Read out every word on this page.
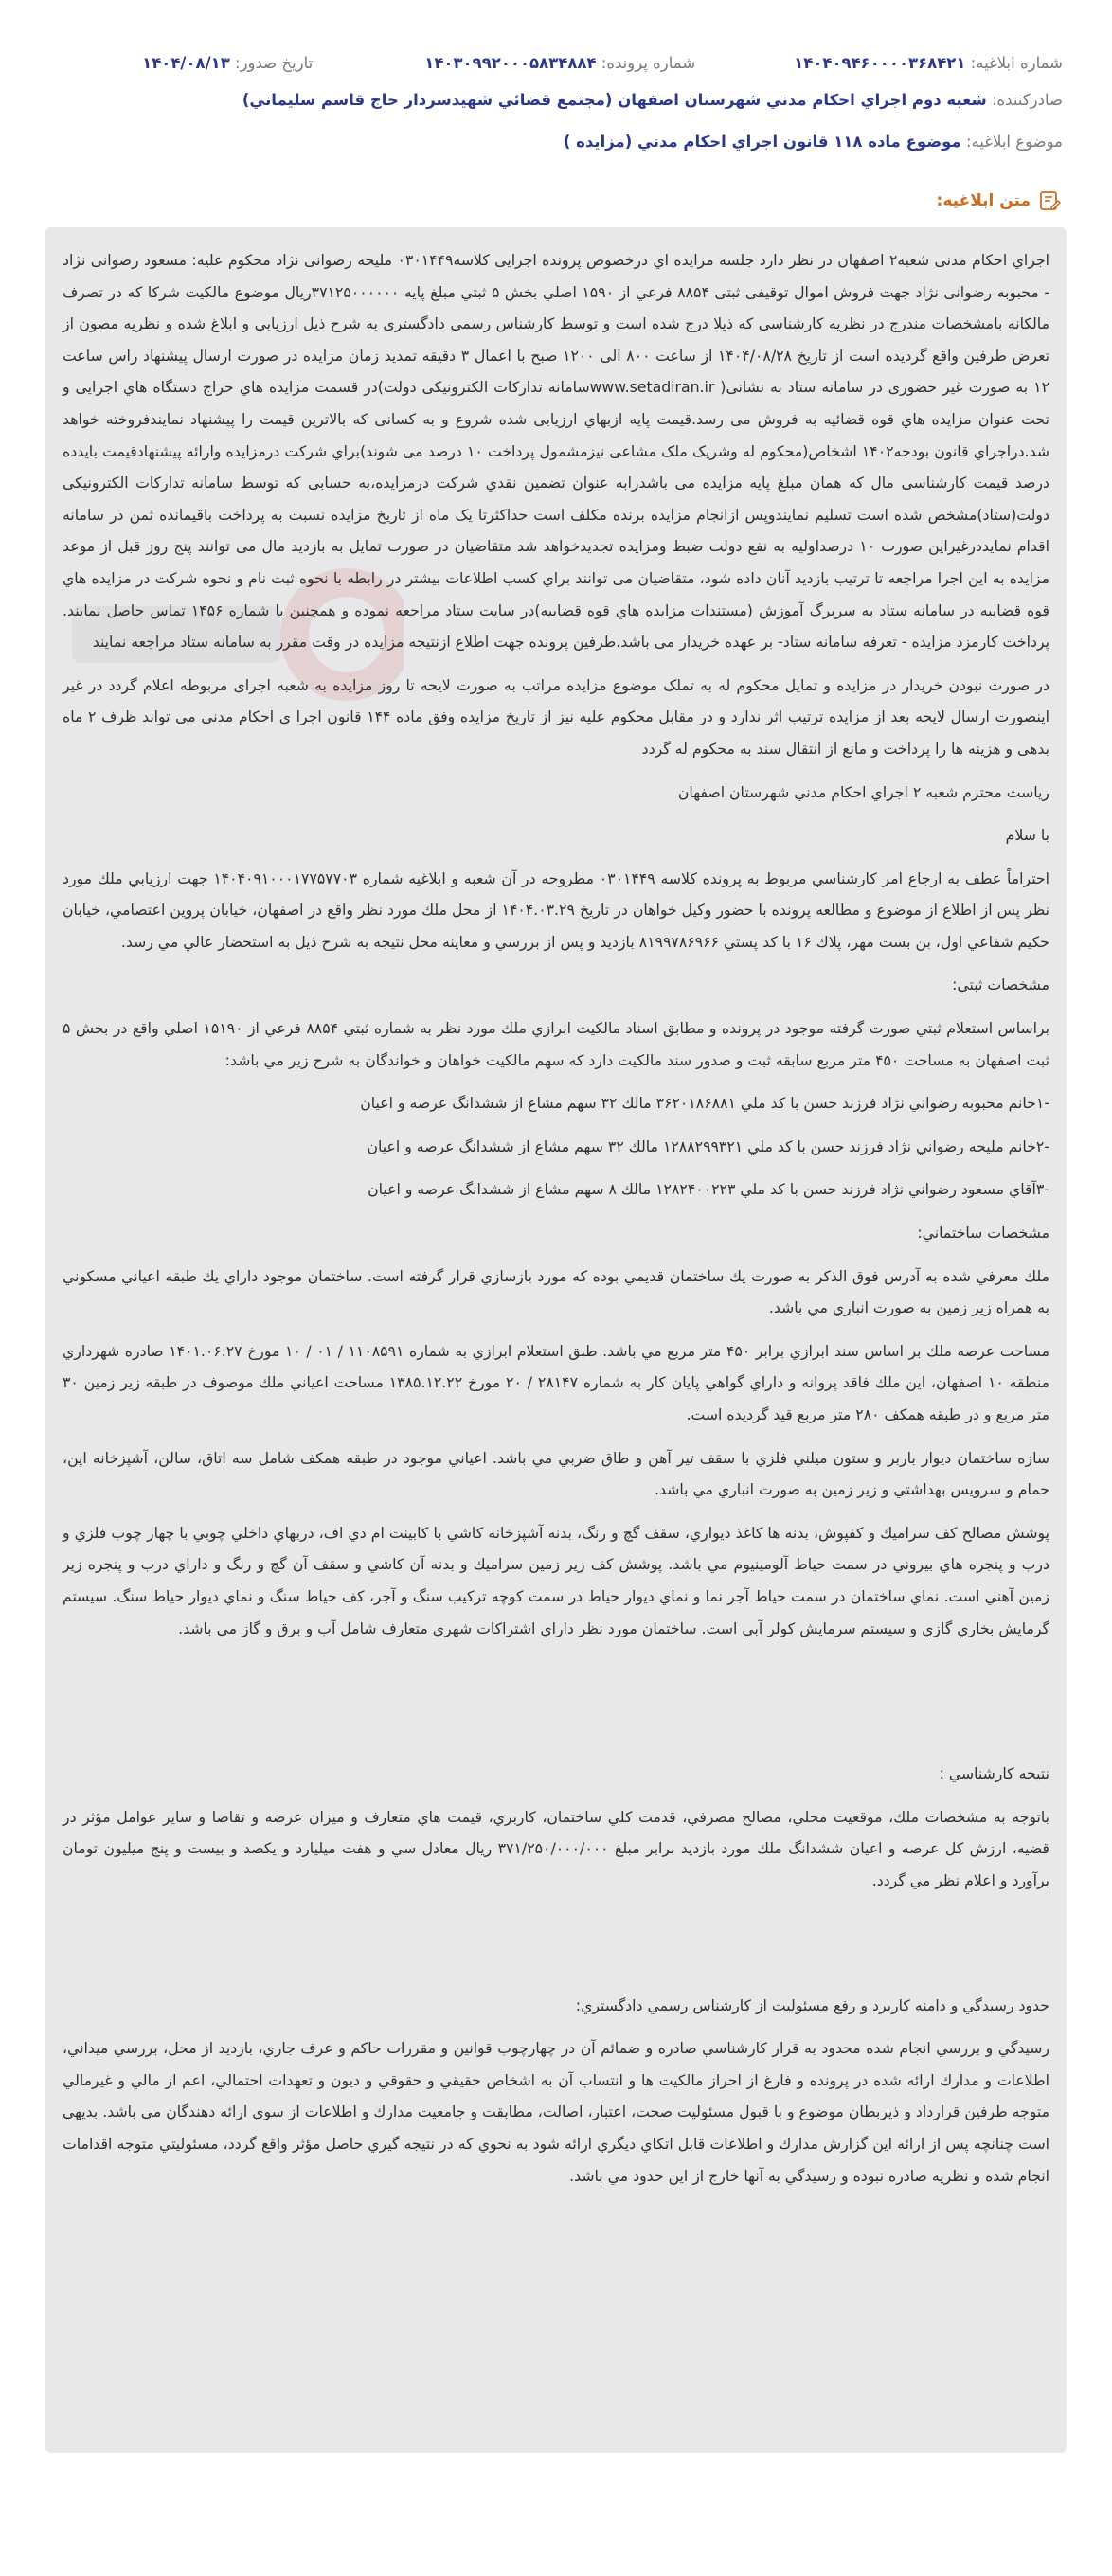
شماره ابلاغیه: ۱۴۰۴۰۹۴۶۰۰۰۰۳۶۸۴۲۱
شماره پرونده: ۱۴۰۳۰۹۹۲۰۰۰۵۸۳۴۸۸۴
تاریخ صدور: ۱۴۰۴/۰۸/۱۳
صادرکننده: شعبه دوم اجراي احکام مدني شهرستان اصفهان (مجتمع قضائي شهيدسردار حاج قاسم سليماني)
موضوع ابلاغیه: موضوع ماده ۱۱۸ قانون اجراي احکام مدني (مزايده )
متن ابلاغیه:

اجراي احکام مدنی شعبه۲ اصفهان در نظر دارد جلسه مزایده اي درخصوص پرونده اجرایی کلاسه۰۳۰۱۴۴۹ ملیحه رضوانی نژاد محکوم علیه: مسعود رضوانی نژاد - محبوبه رضوانی نژاد جهت فروش اموال توقیفی ثبتی ۸۸۵۴ فرعي از ۱۵۹۰ اصلي بخش ۵ ثبتي مبلغ پایه ۳۷۱۲۵۰۰۰۰۰۰ريال موضوع مالکیت شرکا که در تصرف مالکانه بامشخصات مندرج در نظریه کارشناسی که ذیلا درج شده است و توسط کارشناس رسمی دادگستری به شرح ذیل ارزیابی و ابلاغ شده و نظریه مصون از تعرض طرفین واقع گردیده است از تاریخ ۱۴۰۴/۰۸/۲۸ از ساعت ۸۰۰ الی ۱۲۰۰ صبح با اعمال ۳ دقیقه تمدید زمان مزایده در صورت ارسال پیشنهاد راس ساعت ۱۲ به صورت غیر حضوری در سامانه ستاد به نشانی( www.setadiran.irسامانه تدارکات الکترونیکی دولت)در قسمت مزایده هاي حراج دستگاه هاي اجرایی و تحت عنوان مزایده هاي قوه قضائیه به فروش می رسد.قیمت پایه ازبهاي ارزیابی شده شروع و به کسانی که بالاترین قیمت را پیشنهاد نمایندفروخته خواهد شد.دراجراي قانون بودجه۱۴۰۲ اشخاص(محکوم له وشریک ملک مشاعی نیزمشمول پرداخت ۱۰ درصد می شوند)براي شرکت درمزایده وارائه پیشنهادقیمت بایدده درصد قیمت کارشناسی مال که همان مبلغ پایه مزایده می باشدرابه عنوان تضمین نقدي شرکت درمزایده،به حسابی که توسط سامانه تدارکات الکترونیکی دولت(ستاد)مشخص شده است تسلیم نمایندوپس ازانجام مزایده برنده مکلف است حداکثرتا یک ماه از تاریخ مزایده نسبت به پرداخت باقیمانده ثمن در سامانه اقدام نمایددرغیراین صورت ۱۰ درصداولیه به نفع دولت ضبط ومزایده تجدیدخواهد شد متقاضیان در صورت تمایل به بازدید مال می توانند پنج روز قبل از موعد مزایده به این اجرا مراجعه تا ترتیب بازدید آنان داده شود، متقاضیان می توانند براي کسب اطلاعات بیشتر در رابطه با نحوه ثبت نام و نحوه شرکت در مزایده هاي قوه قضاییه در سامانه ستاد به سربرگ آموزش (مستندات مزایده هاي قوه قضاییه)در سایت ستاد مراجعه نموده و همچنین با شماره ۱۴۵۶ تماس حاصل نمایند. پرداخت کارمزد مزایده - تعرفه سامانه ستاد- بر عهده خریدار می باشد.طرفین پرونده جهت اطلاع ازنتیجه مزایده در وقت مقرر به سامانه ستاد مراجعه نمایند

در صورت نبودن خریدار در مزایده و تمایل محکوم له به تملک موضوع مزایده مراتب به صورت لایحه تا روز مزایده به شعبه اجرای مربوطه اعلام گردد در غیر اینصورت ارسال لایحه بعد از مزایده ترتیب اثر ندارد و در مقابل محکوم علیه نیز از تاریخ مزایده وفق ماده ۱۴۴ قانون اجرا ی احکام مدنی می تواند ظرف ۲ ماه بدهی و هزینه ها را پرداخت و مانع از انتقال سند به محکوم له گردد

رياست محترم شعبه ۲ اجراي احكام مدني شهرستان اصفهان

با سلام

احتراماً عطف به ارجاع امر كارشناسي مربوط به پرونده كلاسه ۰۳۰۱۴۴۹ مطروحه در آن شعبه و ابلاغيه شماره ۱۴۰۴۰۹۱۰۰۰۱۷۷۵۷۷۰۳ جهت ارزيابي ملك مورد نظر پس از اطلاع از موضوع و مطالعه پرونده با حضور وكيل خواهان در تاريخ ۱۴۰۴.۰۳.۲۹ از محل ملك مورد نظر واقع در اصفهان، خيابان پروين اعتصامي، خيابان حكيم شفاعي اول، بن بست مهر، پلاك ۱۶ با كد پستي ۸۱۹۹۷۸۶۹۶۶ بازديد و پس از بررسي و معاينه محل نتيجه به شرح ذيل به استحضار عالي مي رسد.

مشخصات ثبتي:

براساس استعلام ثبتي صورت گرفته موجود در پرونده و مطابق اسناد مالكيت ابرازي ملك مورد نظر به شماره ثبتي ۸۸۵۴ فرعي از ۱۵۱۹۰ اصلي واقع در بخش ۵ ثبت اصفهان به مساحت ۴۵۰ متر مربع سابقه ثبت و صدور سند مالكيت دارد كه سهم مالكيت خواهان و خواندگان به شرح زير مي باشد:

-۱خانم محبوبه رضواني نژاد فرزند حسن با كد ملي ۳۶۲۰۱۸۶۸۸۱ مالك ۳۲ سهم مشاع از ششدانگ عرصه و اعيان

-۲خانم مليحه رضواني نژاد فرزند حسن با كد ملي ۱۲۸۸۲۹۹۳۲۱ مالك ۳۲ سهم مشاع از ششدانگ عرصه و اعيان

-۳آقاي مسعود رضواني نژاد فرزند حسن با كد ملي ۱۲۸۲۴۰۰۲۲۳ مالك ۸ سهم مشاع از ششدانگ عرصه و اعيان

مشخصات ساختماني:

ملك معرفي شده به آدرس فوق الذكر به صورت يك ساختمان قديمي بوده كه مورد بازسازي قرار گرفته است. ساختمان موجود داراي يك طبقه اعياني مسكوني به همراه زير زمين به صورت انباري مي باشد.

مساحت عرصه ملك بر اساس سند ابرازي برابر ۴۵۰ متر مربع مي باشد. طبق استعلام ابرازي به شماره ۱۱۰۸۵۹۱ / ۰۱ / ۱۰ مورخ ۱۴۰۱.۰۶.۲۷ صادره شهرداري منطقه ۱۰ اصفهان، اين ملك فاقد پروانه و داراي گواهي پايان كار به شماره ۲۸۱۴۷ / ۲۰ مورخ ۱۳۸۵.۱۲.۲۲ مساحت اعياني ملك موصوف در طبقه زير زمين ۳۰ متر مربع و در طبقه همكف ۲۸۰ متر مربع قيد گرديده است.

سازه ساختمان ديوار باربر و ستون ميلني فلزي با سقف تير آهن و طاق ضربي مي باشد. اعياني موجود در طبقه همكف شامل سه اتاق، سالن، آشپزخانه اپن، حمام و سرويس بهداشتي و زير زمين به صورت انباري مي باشد.

پوشش مصالح كف سراميك و كفپوش، بدنه ها كاغذ ديواري، سقف گچ و رنگ، بدنه آشپزخانه كاشي با كابينت ام دي اف، دربهاي داخلي چوبي با چهار چوب فلزي و درب و پنجره هاي بيروني در سمت حياط آلومينيوم مي باشد. پوشش كف زير زمين سراميك و بدنه آن كاشي و سقف آن گچ و رنگ و داراي درب و پنجره زير زمين آهني است. نماي ساختمان در سمت حياط آجر نما و نماي ديوار حياط در سمت كوچه تركيب سنگ و آجر، كف حياط سنگ و نماي ديوار حياط سنگ. سيستم گرمايش بخاري گازي و سيستم سرمايش كولر آبي است. ساختمان مورد نظر داراي اشتراكات شهري متعارف شامل آب و برق و گاز مي باشد.

نتيجه كارشناسي :

باتوجه به مشخصات ملك، موقعيت محلي، مصالح مصرفي، قدمت كلي ساختمان، كاربري، قيمت هاي متعارف و ميزان عرضه و تقاضا و ساير عوامل مؤثر در قضيه، ارزش كل عرصه و اعيان ششدانگ ملك مورد بازديد برابر مبلغ ۳۷۱/۲۵۰/۰۰۰/۰۰۰ ريال معادل سي و هفت ميليارد و يكصد و بيست و پنج ميليون تومان برآورد و اعلام نظر مي گردد.

حدود رسيدگي و دامنه كاربرد و رفع مسئوليت از كارشناس رسمي دادگستري:

رسيدگي و بررسي انجام شده محدود به قرار كارشناسي صادره و ضمائم آن در چهارچوب قوانين و مقررات حاكم و عرف جاري، بازديد از محل، بررسي ميداني، اطلاعات و مدارك ارائه شده در پرونده و فارغ از احراز مالكيت ها و انتساب آن به اشخاص حقيقي و حقوقي و ديون و تعهدات احتمالي، اعم از مالي و غيرمالي متوجه طرفين قرارداد و ذيربطان موضوع و با قبول مسئوليت صحت، اعتبار، اصالت، مطابقت و جامعيت مدارك و اطلاعات از سوي ارائه دهندگان مي باشد. بديهي است چنانچه پس از ارائه اين گزارش مدارك و اطلاعات قابل اتكاي ديگري ارائه شود به نحوي كه در نتيجه گيري حاصل مؤثر واقع گردد، مسئوليتي متوجه اقدامات انجام شده و نظريه صادره نبوده و رسيدگي به آنها خارج از اين حدود مي باشد.
